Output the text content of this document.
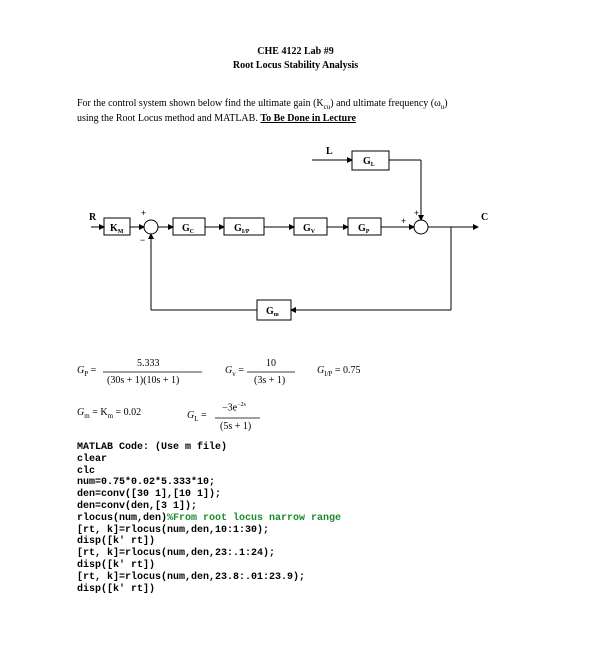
CHE 4122 Lab #9
Root Locus Stability Analysis
For the control system shown below find the ultimate gain $(K_{cu})$ and ultimate frequency $(\omega_u)$
using the Root Locus method and MATLAB. To Be Done in Lecture
R	C
L
+
−
+
+
$K_M$	$G_C$	$G_{I/P}$	$G_V$	$G_P$
$G_L$
$G_m$
$G_P$ =
5.333
(30s + 1)(10s + 1)
$G_v$ =
10
(3s + 1)
$G_{I/P} = 0.75$
$G_m = K_m = 0.02$	$G_L$ =
$-3e^{-2s}$
(5s + 1)
MATLAB Code: (Use m file)
clear
clc
num=0.75*0.02*5.333*10;
den=conv([30 1],[10 1]);
den=conv(den,[3 1]);
rlocus(num,den)%From root locus narrow range
[rt, k]=rlocus(num,den,10:1:30);
disp([k' rt])
[rt, k]=rlocus(num,den,23:.1:24);
disp([k' rt])
[rt, k]=rlocus(num,den,23.8:.01:23.9);
disp([k' rt])
